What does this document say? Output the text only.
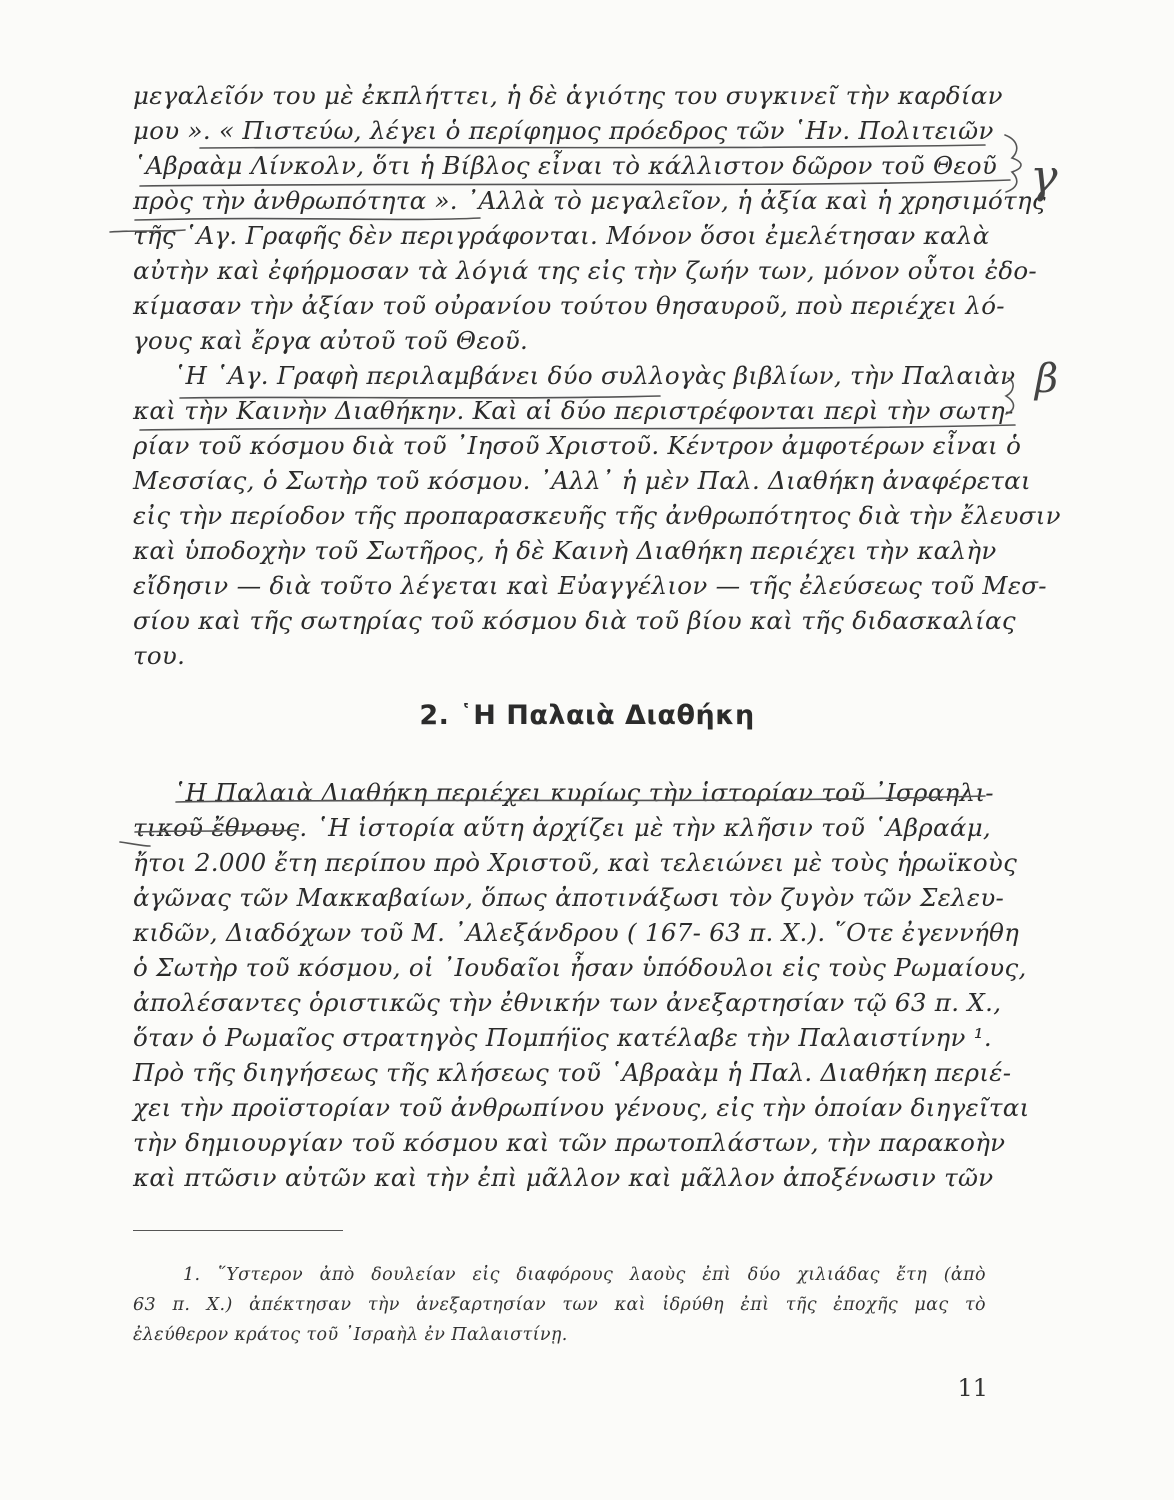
μεγαλεῖόν του μὲ ἐκπλήττει, ἡ δὲ ἁγιότης του συγκινεῖ τὴν καρδίαν
μου ». « Πιστεύω, λέγει ὁ περίφημος πρόεδρος τῶν ῾Ην. Πολιτειῶν
῾Αβραὰμ Λίνκολν, ὅτι ἡ Βίβλος εἶναι τὸ κάλλιστον δῶρον τοῦ Θεοῦ
πρὸς τὴν ἀνθρωπότητα ». ᾿Αλλὰ τὸ μεγαλεῖον, ἡ ἀξία καὶ ἡ χρησιμότης
τῆς ῾Αγ. Γραφῆς δὲν περιγράφονται. Μόνον ὅσοι ἐμελέτησαν καλὰ
αὐτὴν καὶ ἐφήρμοσαν τὰ λόγιά της εἰς τὴν ζωήν των, μόνον οὗτοι ἐδο-
κίμασαν τὴν ἀξίαν τοῦ οὐρανίου τούτου θησαυροῦ, ποὺ περιέχει λό-
γους καὶ ἔργα αὐτοῦ τοῦ Θεοῦ.
῾Η ῾Αγ. Γραφὴ περιλαμβάνει δύο συλλογὰς βιβλίων, τὴν Παλαιὰν
καὶ τὴν Καινὴν Διαθήκην. Καὶ αἱ δύο περιστρέφονται περὶ τὴν σωτη-
ρίαν τοῦ κόσμου διὰ τοῦ ᾿Ιησοῦ Χριστοῦ. Κέντρον ἀμφοτέρων εἶναι ὁ
Μεσσίας, ὁ Σωτὴρ τοῦ κόσμου. ᾿Αλλ᾿ ἡ μὲν Παλ. Διαθήκη ἀναφέρεται
εἰς τὴν περίοδον τῆς προπαρασκευῆς τῆς ἀνθρωπότητος διὰ τὴν ἔλευσιν
καὶ ὑποδοχὴν τοῦ Σωτῆρος, ἡ δὲ Καινὴ Διαθήκη περιέχει τὴν καλὴν
εἴδησιν — διὰ τοῦτο λέγεται καὶ Εὐαγγέλιον — τῆς ἐλεύσεως τοῦ Μεσ-
σίου καὶ τῆς σωτηρίας τοῦ κόσμου διὰ τοῦ βίου καὶ τῆς διδασκαλίας
του.
2. ῾Η Παλαιὰ Διαθήκη
῾Η Παλαιὰ Διαθήκη περιέχει κυρίως τὴν ἱστορίαν τοῦ ᾿Ισραηλι-
τικοῦ ἔθνους. ῾Η ἱστορία αὕτη ἀρχίζει μὲ τὴν κλῆσιν τοῦ ῾Αβραάμ,
ἤτοι 2.000 ἔτη περίπου πρὸ Χριστοῦ, καὶ τελειώνει μὲ τοὺς ἡρωϊκοὺς
ἀγῶνας τῶν Μακκαβαίων, ὅπως ἀποτινάξωσι τὸν ζυγὸν τῶν Σελευ-
κιδῶν, Διαδόχων τοῦ Μ. ᾿Αλεξάνδρου ( 167- 63 π. Χ.). ῞Οτε ἐγεννήθη
ὁ Σωτὴρ τοῦ κόσμου, οἱ ᾿Ιουδαῖοι ἦσαν ὑπόδουλοι εἰς τοὺς Ρωμαίους,
ἀπολέσαντες ὁριστικῶς τὴν ἐθνικήν των ἀνεξαρτησίαν τῷ 63 π. Χ.,
ὅταν ὁ Ρωμαῖος στρατηγὸς Πομπήϊος κατέλαβε τὴν Παλαιστίνην ¹.
Πρὸ τῆς διηγήσεως τῆς κλήσεως τοῦ ῾Αβραὰμ ἡ Παλ. Διαθήκη περιέ-
χει τὴν προϊστορίαν τοῦ ἀνθρωπίνου γένους, εἰς τὴν ὁποίαν διηγεῖται
τὴν δημιουργίαν τοῦ κόσμου καὶ τῶν πρωτοπλάστων, τὴν παρακοὴν
καὶ πτῶσιν αὐτῶν καὶ τὴν ἐπὶ μᾶλλον καὶ μᾶλλον ἀποξένωσιν τῶν
1. ῞Υστερον ἀπὸ δουλείαν εἰς διαφόρους λαοὺς ἐπὶ δύο χιλιάδας ἔτη (ἀπὸ
63 π. Χ.) ἀπέκτησαν τὴν ἀνεξαρτησίαν των καὶ ἱδρύθη ἐπὶ τῆς ἐποχῆς μας τὸ
ἐλεύθερον κράτος τοῦ ᾿Ισραὴλ ἐν Παλαιστίνῃ.
11
γ
β
